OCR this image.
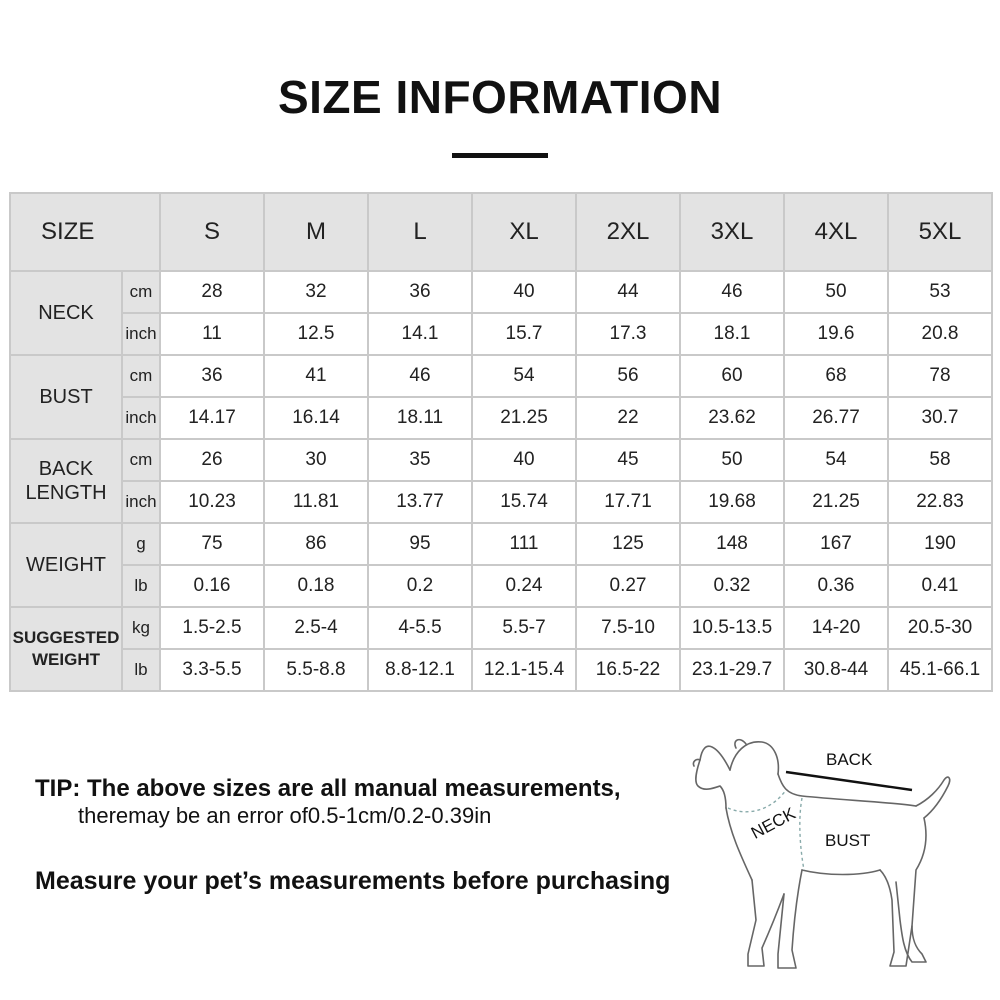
SIZE INFORMATION
SIZE		S	M	L	XL	2XL	3XL	4XL	5XL
NECK	cm	28	32	36	40	44	46	50	53
	inch	11	12.5	14.1	15.7	17.3	18.1	19.6	20.8
BUST	cm	36	41	46	54	56	60	68	78
	inch	14.17	16.14	18.11	21.25	22	23.62	26.77	30.7

BACK
LENGTH	cm	26	30	35	40	45	50	54	58
	inch	10.23	11.81	13.77	15.74	17.71	19.68	21.25	22.83
WEIGHT	g	75	86	95	111	125	148	167	190
	lb	0.16	0.18	0.2	0.24	0.27	0.32	0.36	0.41

SUGGESTED
WEIGHT	kg	1.5-2.5	2.5-4	4-5.5	5.5-7	7.5-10	10.5-13.5	14-20	20.5-30
	lb	3.3-5.5	5.5-8.8	8.8-12.1	12.1-15.4	16.5-22	23.1-29.7	30.8-44	45.1-66.1
TIP: The above sizes are all manual measurements,
theremay be an error of0.5-1cm/0.2-0.39in
Measure your pet’s measurements before purchasing
BACK
NECK BUST
